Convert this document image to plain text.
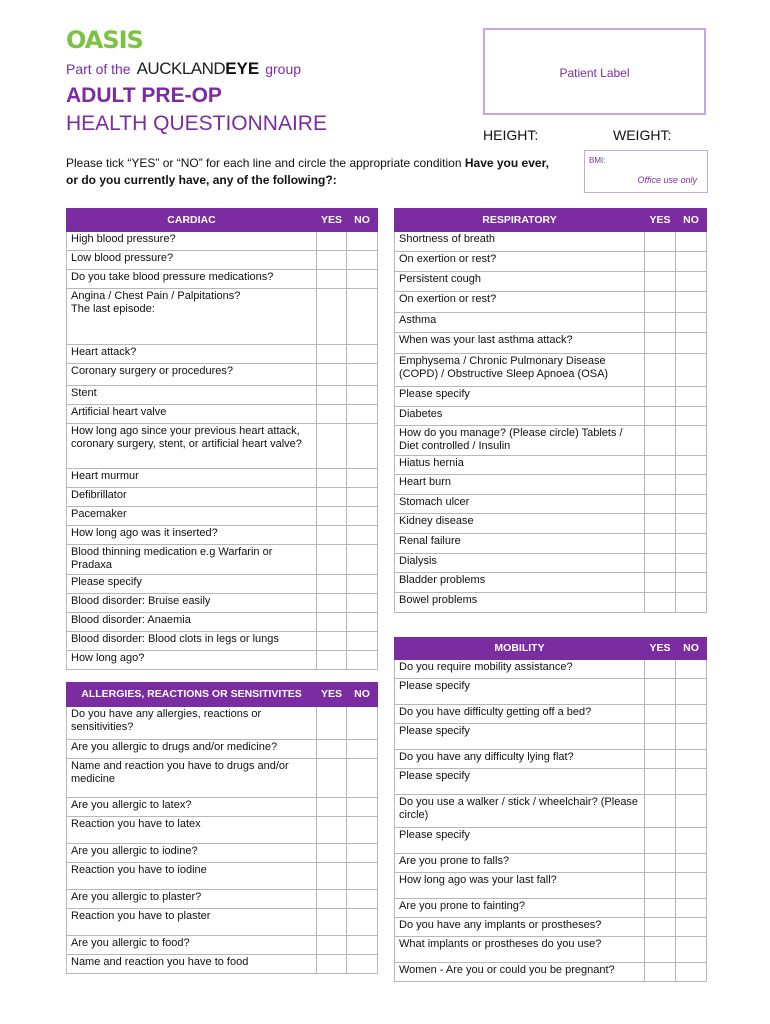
OASIS
Part of the AUCKLANDEYE group
ADULT PRE-OP
HEALTH QUESTIONNAIRE
Patient Label
HEIGHT:	WEIGHT:
BMI:
Office use only
Please tick “YES” or “NO” for each line and circle the appropriate condition Have you ever, or do you currently have, any of the following?:
CARDIAC	YES	NO
High blood pressure?		
Low blood pressure?		
Do you take blood pressure medications?		
Angina / Chest Pain / Palpitations?
The last episode:		
Heart attack?		
Coronary surgery or procedures?		
Stent		
Artificial heart valve		
How long ago since your previous heart attack, coronary surgery, stent, or artificial heart valve?		
Heart murmur		
Defibrillator		
Pacemaker		
How long ago was it inserted?		
Blood thinning medication e.g Warfarin or Pradaxa		
Please specify		
Blood disorder: Bruise easily		
Blood disorder: Anaemia		
Blood disorder: Blood clots in legs or lungs		
How long ago?		
ALLERGIES, REACTIONS OR SENSITIVITES	YES	NO
Do you have any allergies, reactions or sensitivities?		
Are you allergic to drugs and/or medicine?		
Name and reaction you have to drugs and/or medicine		
Are you allergic to latex?		
Reaction you have to latex		
Are you allergic to iodine?		
Reaction you have to iodine		
Are you allergic to plaster?		
Reaction you have to plaster		
Are you allergic to food?		
Name and reaction you have to food		
RESPIRATORY	YES	NO
Shortness of breath		
On exertion or rest?		
Persistent cough		
On exertion or rest?		
Asthma		
When was your last asthma attack?		
Emphysema / Chronic Pulmonary Disease (COPD) / Obstructive Sleep Apnoea (OSA)		
Please specify		
Diabetes		
How do you manage? (Please circle) Tablets / Diet controlled / Insulin		
Hiatus hernia		
Heart burn		
Stomach ulcer		
Kidney disease		
Renal failure		
Dialysis		
Bladder problems		
Bowel problems		
MOBILITY	YES	NO
Do you require mobility assistance?		
Please specify		
Do you have difficulty getting off a bed?		
Please specify		
Do you have any difficulty lying flat?		
Please specify		
Do you use a walker / stick / wheelchair? (Please circle)		
Please specify		
Are you prone to falls?		
How long ago was your last fall?		
Are you prone to fainting?		
Do you have any implants or prostheses?		
What implants or prostheses do you use?		
Women - Are you or could you be pregnant?		
